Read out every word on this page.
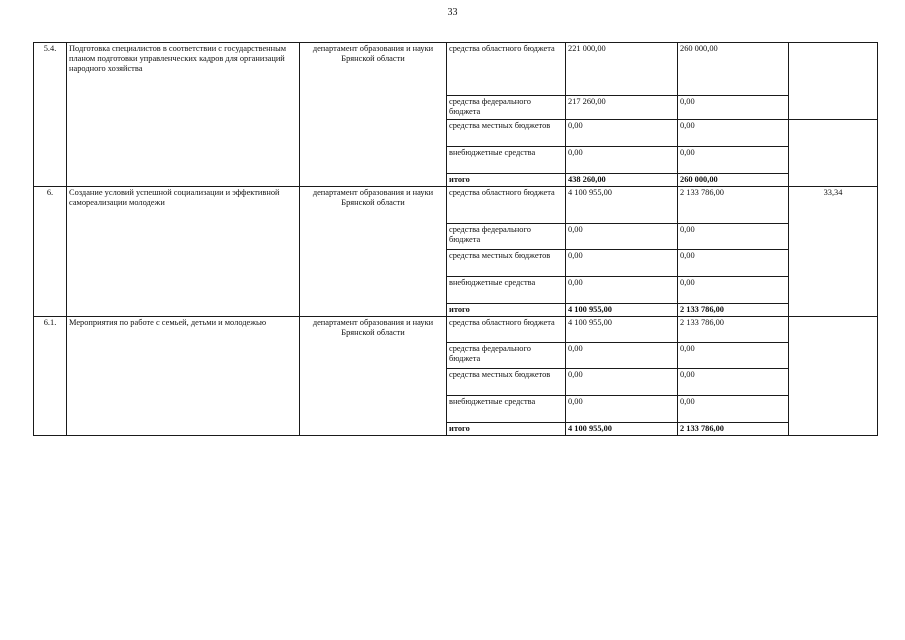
33
5.4.	Подготовка специалистов в соответствии с государственным планом подготовки управленческих кадров для организаций народного хозяйства	департамент образования и науки Брянской области	средства областного бюджета	221 000,00	260 000,00	
			средства федерального бюджета	217 260,00	0,00	
			средства местных бюджетов	0,00	0,00	
			внебюджетные средства	0,00	0,00	
			итого	438 260,00	260 000,00	
6.	Создание условий успешной социализации и эффективной самореализации молодежи	департамент образования и науки Брянской области	средства областного бюджета	4 100 955,00	2 133 786,00	33,34
			средства федерального бюджета	0,00	0,00	
			средства местных бюджетов	0,00	0,00	
			внебюджетные средства	0,00	0,00	
			итого	4 100 955,00	2 133 786,00	
6.1.	Мероприятия по работе с семьей, детьми и молодежью	департамент образования и науки Брянской области	средства областного бюджета	4 100 955,00	2 133 786,00	
			средства федерального бюджета	0,00	0,00	
			средства местных бюджетов	0,00	0,00	
			внебюджетные средства	0,00	0,00	
			итого	4 100 955,00	2 133 786,00	
